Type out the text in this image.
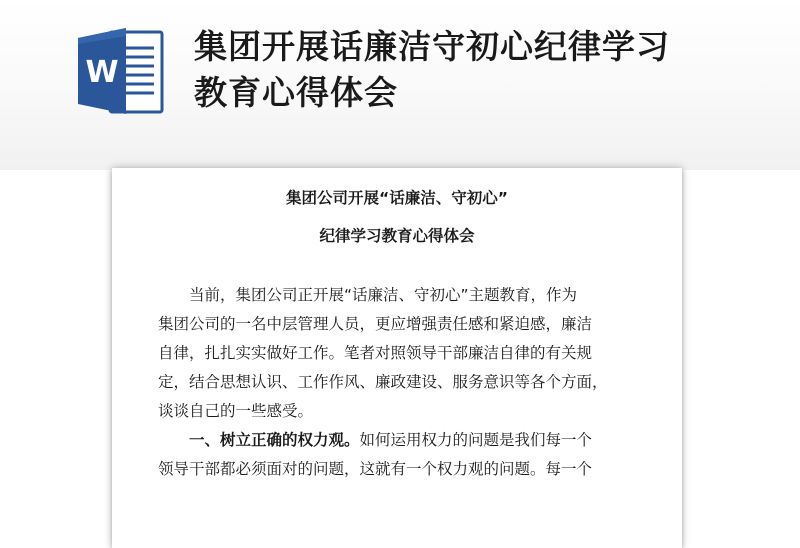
W
集团开展话廉洁守初心纪律学习
教育心得体会
集团公司开展“话廉洁、守初心”
纪律学习教育心得体会
当前，集团公司正开展“话廉洁、守初心”主题教育，作为
集团公司的一名中层管理人员，更应增强责任感和紧迫感，廉洁
自律，扎扎实实做好工作。笔者对照领导干部廉洁自律的有关规
定，结合思想认识、工作作风、廉政建设、服务意识等各个方面，
谈谈自己的一些感受。
一、树立正确的权力观。如何运用权力的问题是我们每一个
领导干部都必须面对的问题，这就有一个权力观的问题。每一个
